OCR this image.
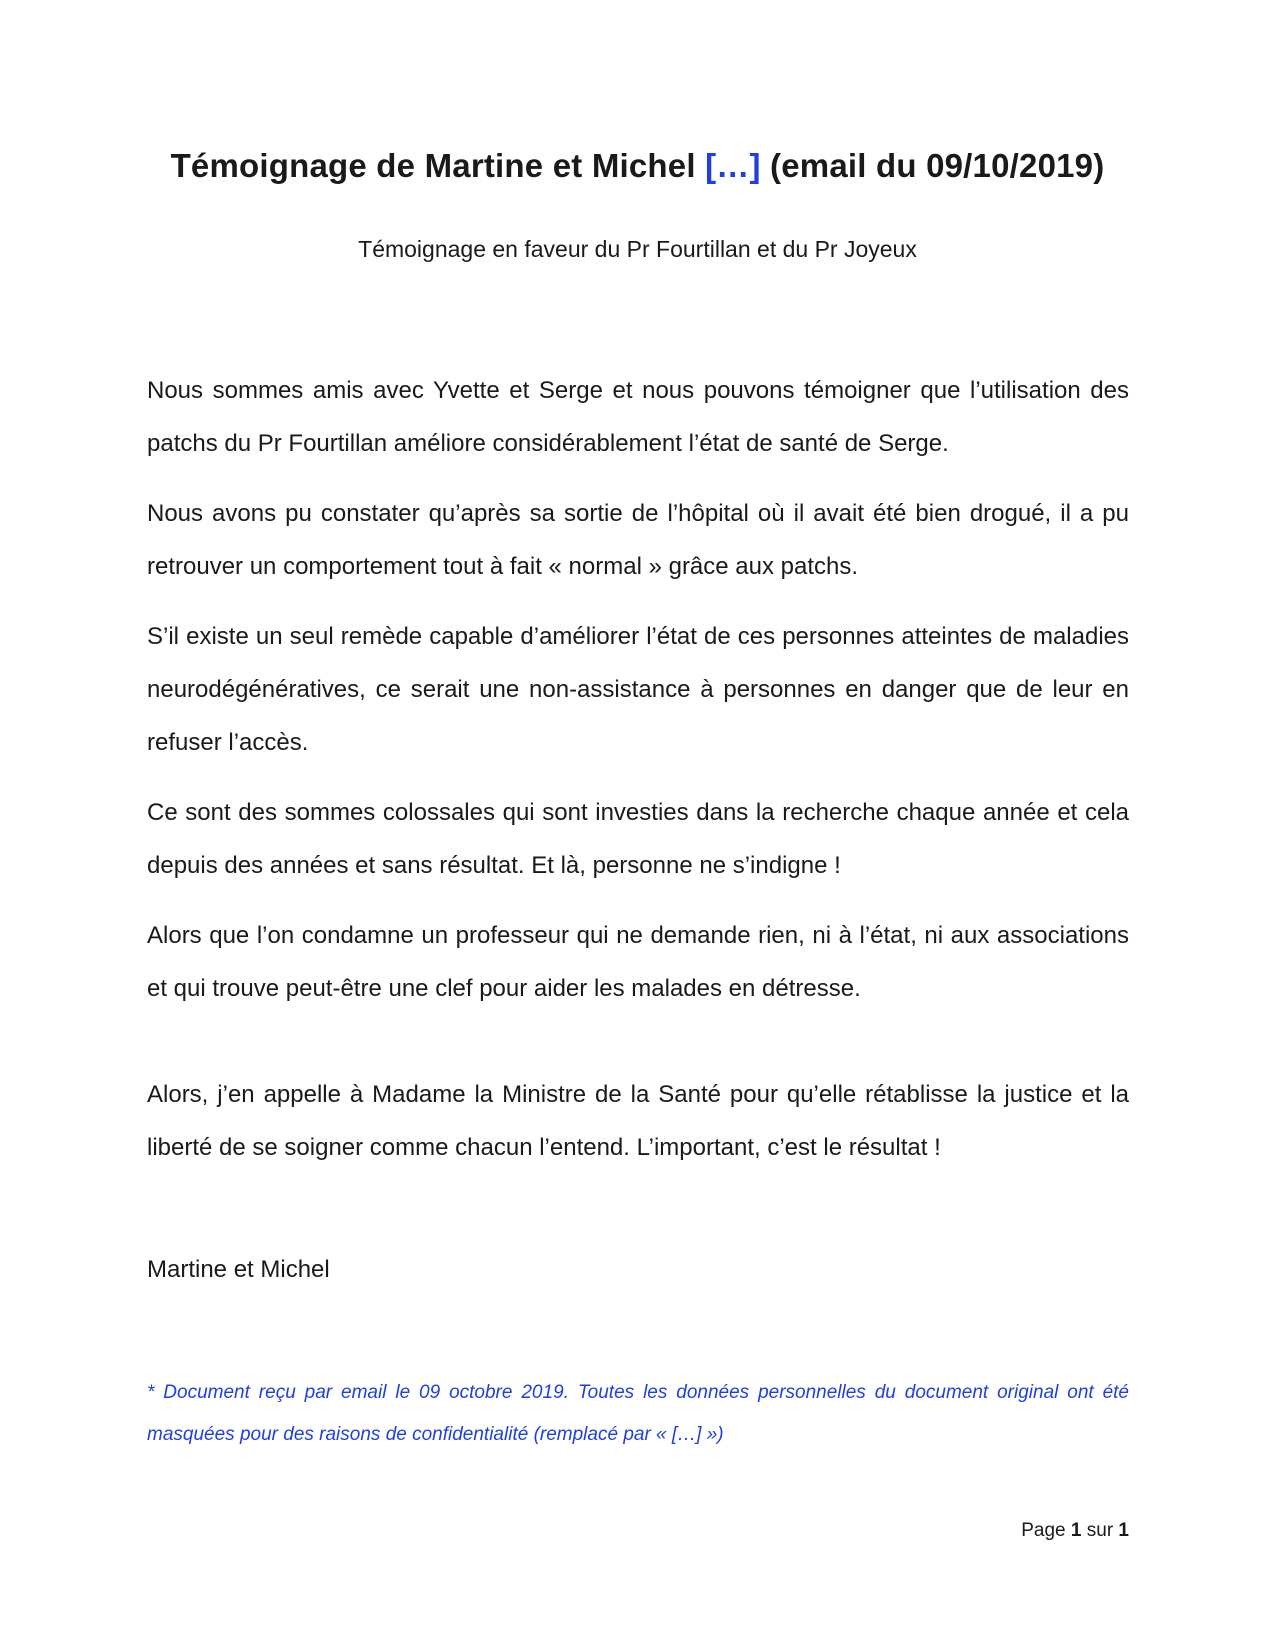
Témoignage de Martine et Michel […] (email du 09/10/2019)
Témoignage en faveur du Pr Fourtillan et du Pr Joyeux

Nous sommes amis avec Yvette et Serge et nous pouvons témoigner que l’utilisation des patchs du Pr Fourtillan améliore considérablement l’état de santé de Serge.

Nous avons pu constater qu’après sa sortie de l’hôpital où il avait été bien drogué, il a pu retrouver un comportement tout à fait « normal » grâce aux patchs.

S’il existe un seul remède capable d’améliorer l’état de ces personnes atteintes de maladies neurodégénératives, ce serait une non-assistance à personnes en danger que de leur en refuser l’accès.

Ce sont des sommes colossales qui sont investies dans la recherche chaque année et cela depuis des années et sans résultat. Et là, personne ne s’indigne !

Alors que l’on condamne un professeur qui ne demande rien, ni à l’état, ni aux associations et qui trouve peut-être une clef pour aider les malades en détresse.

Alors, j’en appelle à Madame la Ministre de la Santé pour qu’elle rétablisse la justice et la liberté de se soigner comme chacun l’entend. L’important, c’est le résultat !

Martine et Michel

* Document reçu par email le 09 octobre 2019. Toutes les données personnelles du document original ont été masquées pour des raisons de confidentialité (remplacé par « […] »)
Page 1 sur 1
